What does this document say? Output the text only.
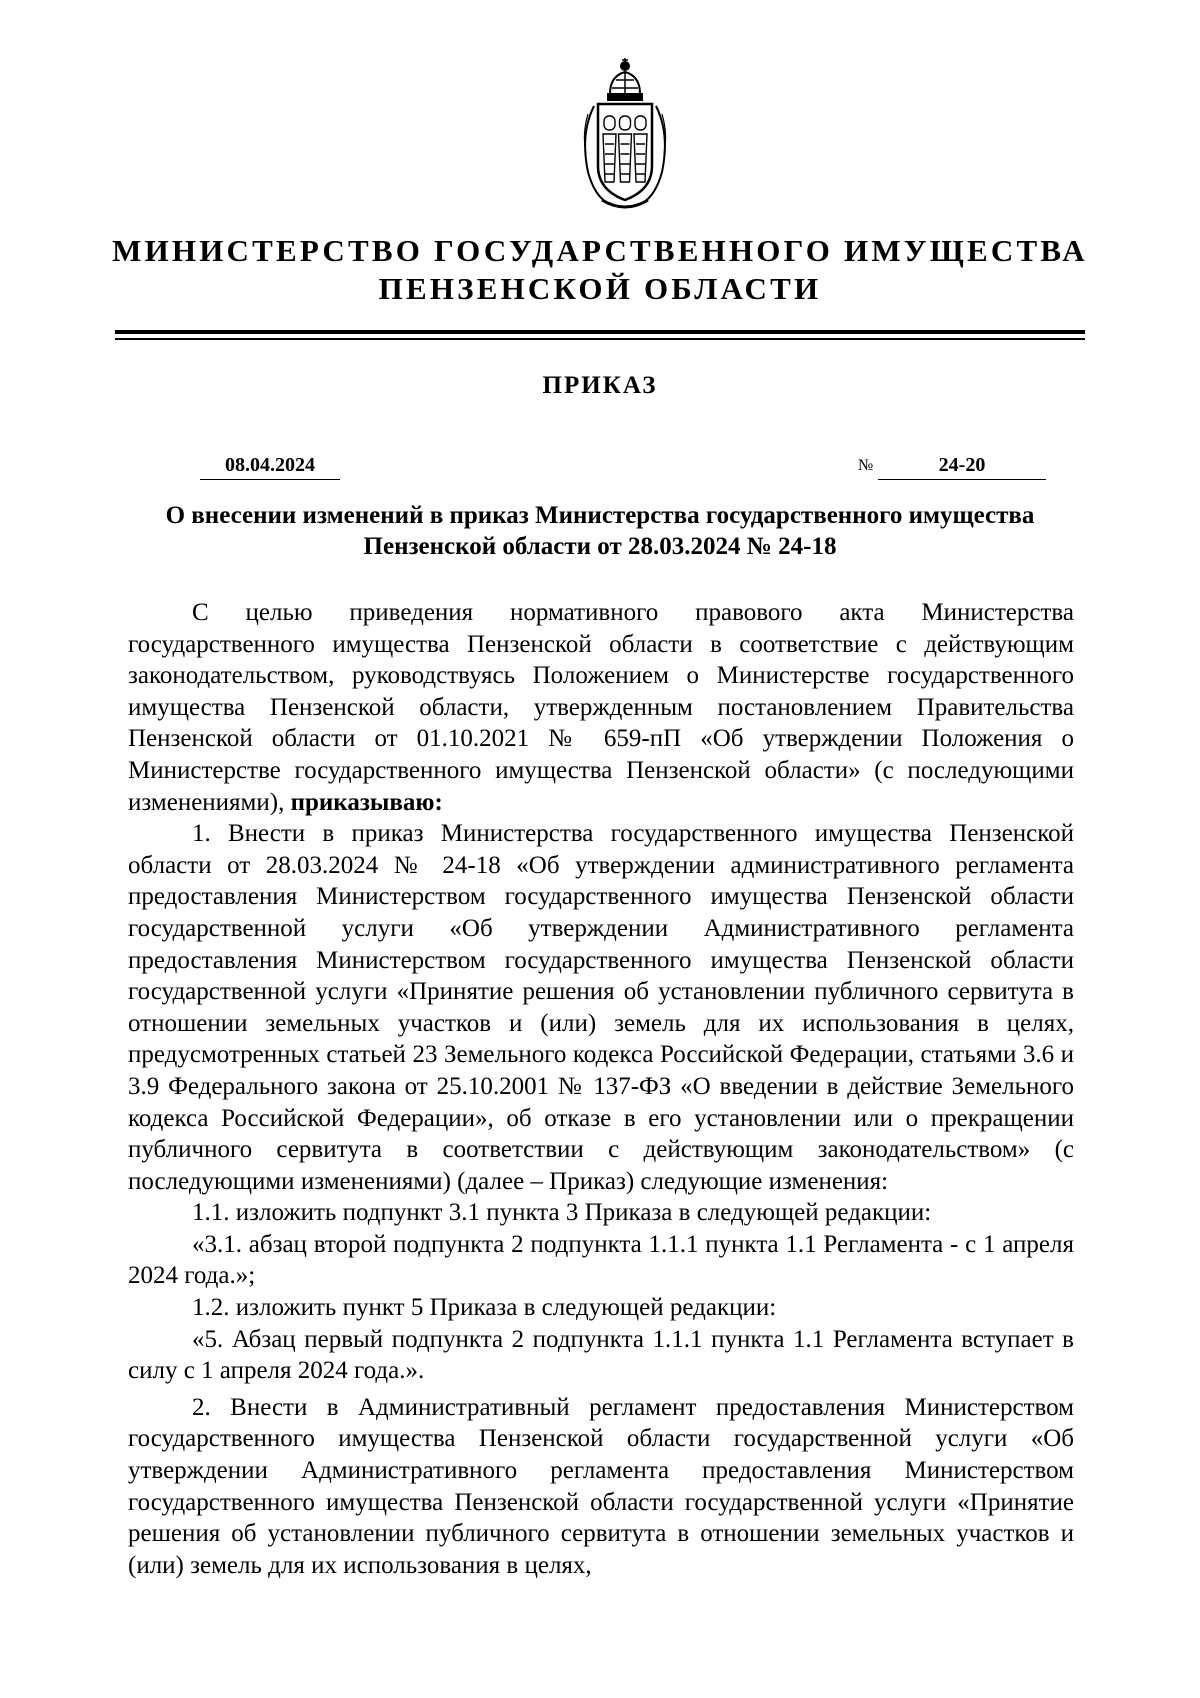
МИНИСТЕРСТВО ГОСУДАРСТВЕННОГО ИМУЩЕСТВА
ПЕНЗЕНСКОЙ ОБЛАСТИ
ПРИКАЗ
08.04.2024	№	24-20
О внесении изменений в приказ Министерства государственного имущества
Пензенской области от 28.03.2024 № 24-18

С целью приведения нормативного правового акта Министерства государственного имущества Пензенской области в соответствие с действующим законодательством, руководствуясь Положением о Министерстве государственного имущества Пензенской области, утвержденным постановлением Правительства Пензенской области от 01.10.2021 № 659-пП «Об утверждении Положения о Министерстве государственного имущества Пензенской области» (с последующими изменениями), приказываю:

1. Внести в приказ Министерства государственного имущества Пензенской области от 28.03.2024 № 24-18 «Об утверждении административного регламента предоставления Министерством государственного имущества Пензенской области государственной услуги «Об утверждении Административного регламента предоставления Министерством государственного имущества Пензенской области государственной услуги «Принятие решения об установлении публичного сервитута в отношении земельных участков и (или) земель для их использования в целях, предусмотренных статьей 23 Земельного кодекса Российской Федерации, статьями 3.6 и 3.9 Федерального закона от 25.10.2001 № 137-ФЗ «О введении в действие Земельного кодекса Российской Федерации», об отказе в его установлении или о прекращении публичного сервитута в соответствии с действующим законодательством» (с последующими изменениями) (далее – Приказ) следующие изменения:

1.1. изложить подпункт 3.1 пункта 3 Приказа в следующей редакции:

«3.1. абзац второй подпункта 2 подпункта 1.1.1 пункта 1.1 Регламента - с 1 апреля 2024 года.»;

1.2. изложить пункт 5 Приказа в следующей редакции:

«5. Абзац первый подпункта 2 подпункта 1.1.1 пункта 1.1 Регламента вступает в силу с 1 апреля 2024 года.».

2. Внести в Административный регламент предоставления Министерством государственного имущества Пензенской области государственной услуги «Об утверждении Административного регламента предоставления Министерством государственного имущества Пензенской области государственной услуги «Принятие решения об установлении публичного сервитута в отношении земельных участков и (или) земель для их использования в целях,
